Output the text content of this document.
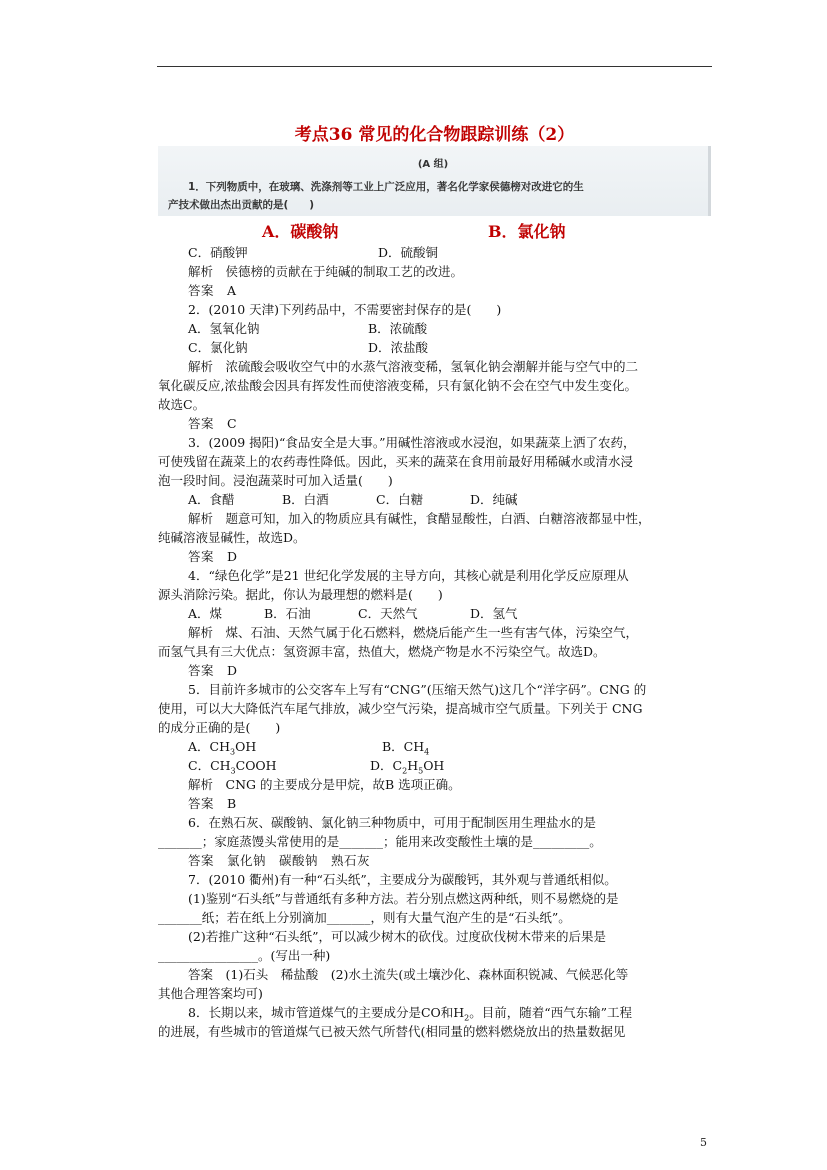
考点36 常见的化合物跟踪训练（2）
(A 组)
1．下列物质中，在玻璃、洗涤剂等工业上广泛应用，著名化学家侯德榜对改进它的生
产技术做出杰出贡献的是(　　)
A．碳酸钠	B．氯化钠
C．硝酸钾	D．硫酸铜
解析　侯德榜的贡献在于纯碱的制取工艺的改进。
答案　A
2．(2010 天津)下列药品中，不需要密封保存的是(　　)
A．氢氧化钠	B．浓硫酸
C．氯化钠	D．浓盐酸
解析　浓硫酸会吸收空气中的水蒸气溶液变稀，氢氧化钠会潮解并能与空气中的二
氧化碳反应,浓盐酸会因具有挥发性而使溶液变稀，只有氯化钠不会在空气中发生变化。
故选C。
答案　C
3．(2009 揭阳)“食品安全是大事。”用碱性溶液或水浸泡，如果蔬菜上洒了农药，
可使残留在蔬菜上的农药毒性降低。因此，买来的蔬菜在食用前最好用稀碱水或清水浸
泡一段时间。浸泡蔬菜时可加入适量(　　)
A．食醋	B．白酒	C．白糖	D．纯碱
解析　题意可知，加入的物质应具有碱性，食醋显酸性，白酒、白糖溶液都显中性，
纯碱溶液显碱性，故选D。
答案　D
4．“绿色化学”是21 世纪化学发展的主导方向，其核心就是利用化学反应原理从
源头消除污染。据此，你认为最理想的燃料是(　　)
A．煤	B．石油	C．天然气	D．氢气
解析　煤、石油、天然气属于化石燃料，燃烧后能产生一些有害气体，污染空气，
而氢气具有三大优点：氢资源丰富，热值大，燃烧产物是水不污染空气。故选D。
答案　D
5．目前许多城市的公交客车上写有“CNG”(压缩天然气)这几个“洋字码”。CNG 的
使用，可以大大降低汽车尾气排放，减少空气污染，提高城市空气质量。下列关于 CNG
的成分正确的是(　　)
A．$CH_3OH$	B．$CH_4$
C．$CH_3COOH$	D．$C_2H_5OH$
解析　CNG 的主要成分是甲烷，故B 选项正确。
答案　B
6．在熟石灰、碳酸钠、氯化钠三种物质中，可用于配制医用生理盐水的是
_______；家庭蒸馒头常使用的是_______；能用来改变酸性土壤的是_________。
答案　氯化钠　碳酸钠　熟石灰
7．(2010 衢州)有一种“石头纸”，主要成分为碳酸钙，其外观与普通纸相似。
(1)鉴别“石头纸”与普通纸有多种方法。若分别点燃这两种纸，则不易燃烧的是
_______纸；若在纸上分别滴加_______，则有大量气泡产生的是“石头纸”。
(2)若推广这种“石头纸”，可以减少树木的砍伐。过度砍伐树木带来的后果是
________________。(写出一种)
答案　(1)石头　稀盐酸　(2)水土流失(或土壤沙化、森林面积锐减、气候恶化等
其他合理答案均可)
8．长期以来，城市管道煤气的主要成分是CO和$H_2$。目前，随着“西气东输”工程
的进展，有些城市的管道煤气已被天然气所替代(相同量的燃料燃烧放出的热量数据见
5
